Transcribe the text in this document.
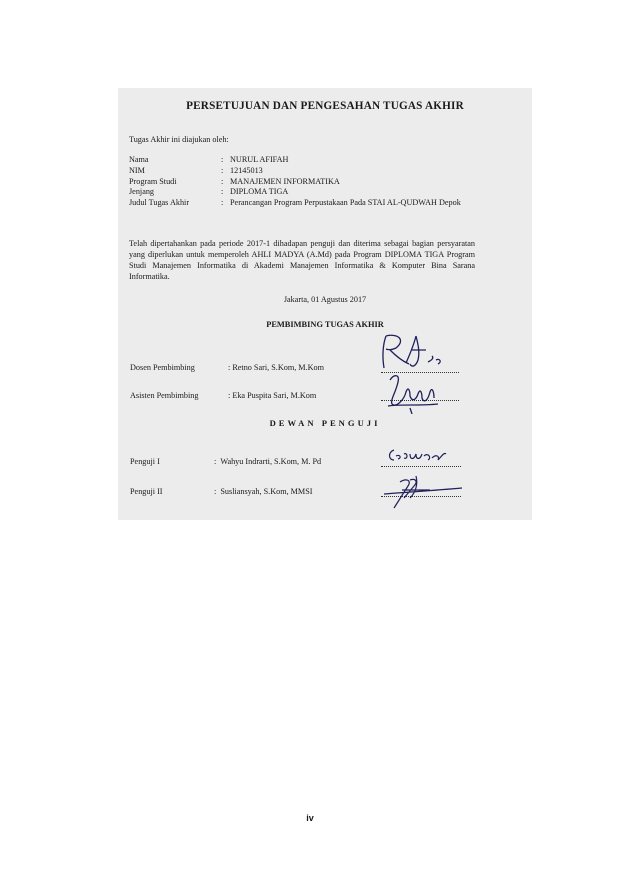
PERSETUJUAN DAN PENGESAHAN TUGAS AKHIR
Tugas Akhir ini diajukan oleh:
Nama	: NURUL AFIFAH
NIM	: 12145013
Program Studi	: MANAJEMEN INFORMATIKA
Jenjang	: DIPLOMA TIGA
Judul Tugas Akhir	: Perancangan Program Perpustakaan Pada STAI AL-QUDWAH Depok
Telah dipertahankan pada periode 2017-1 dihadapan penguji dan diterima sebagai bagian persyaratan yang diperlukan untuk memperoleh AHLI MADYA (A.Md) pada Program DIPLOMA TIGA Program Studi Manajemen Informatika di Akademi Manajemen Informatika & Komputer Bina Sarana Informatika.
Jakarta, 01 Agustus 2017
PEMBIMBING TUGAS AKHIR
Dosen Pembimbing	: Retno Sari, S.Kom, M.Kom
Asisten Pembimbing	: Eka Puspita Sari, M.Kom
DEWAN PENGUJI
Penguji I	: Wahyu Indrarti, S.Kom, M. Pd
Penguji II	: Susliansyah, S.Kom, MMSI
iv
